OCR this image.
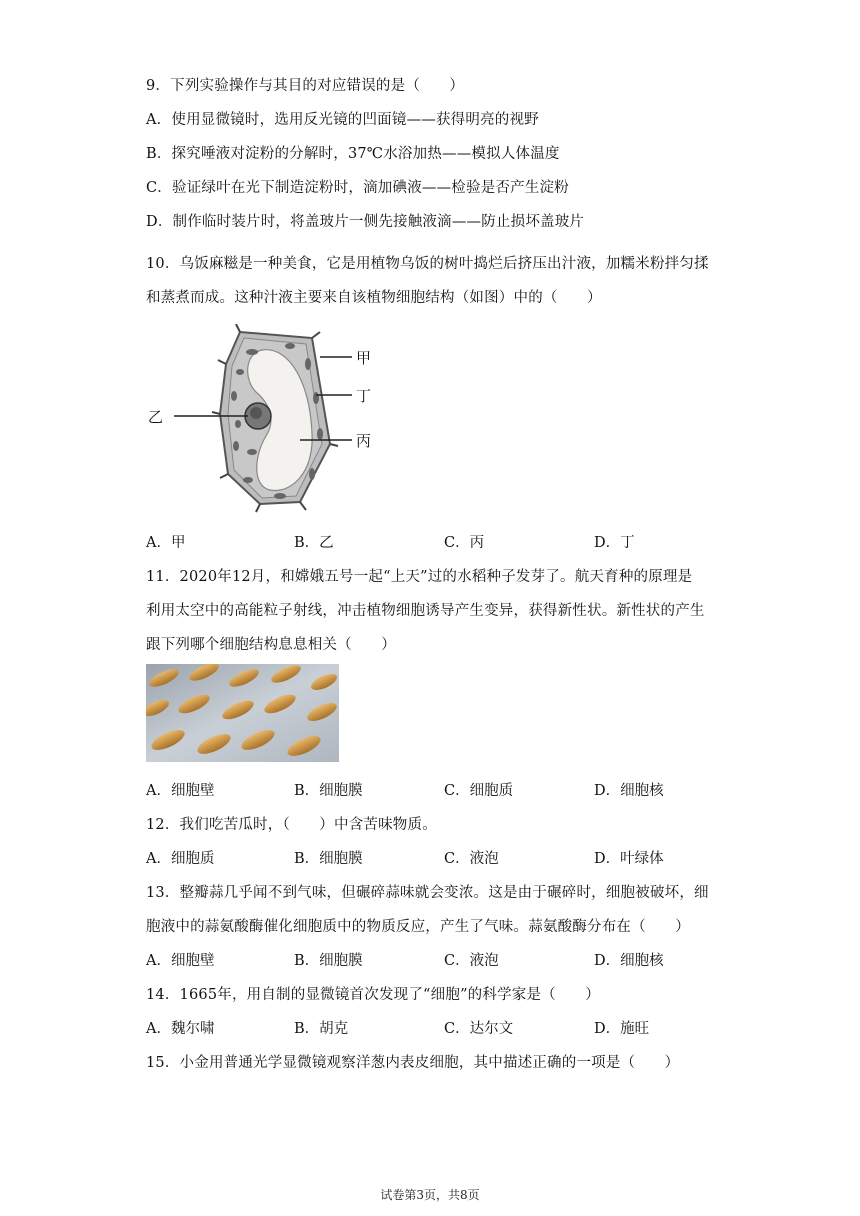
9．下列实验操作与其目的对应错误的是（　　）
A．使用显微镜时，选用反光镜的凹面镜——获得明亮的视野
B．探究唾液对淀粉的分解时，37℃水浴加热——模拟人体温度
C．验证绿叶在光下制造淀粉时，滴加碘液——检验是否产生淀粉
D．制作临时装片时，将盖玻片一侧先接触液滴——防止损坏盖玻片
10．乌饭麻糍是一种美食，它是用植物乌饭的树叶捣烂后挤压出汁液，加糯米粉拌匀揉
和蒸煮而成。这种汁液主要来自该植物细胞结构（如图）中的（　　）
甲
丁
乙
丙
A．甲	B．乙	C．丙	D．丁
11．2020年12月，和嫦娥五号一起“上天”过的水稻种子发芽了。航天育种的原理是
利用太空中的高能粒子射线，冲击植物细胞诱导产生变异，获得新性状。新性状的产生
跟下列哪个细胞结构息息相关（　　）
A．细胞壁	B．细胞膜	C．细胞质	D．细胞核
12．我们吃苦瓜时，（　　）中含苦味物质。
A．细胞质	B．细胞膜	C．液泡	D．叶绿体
13．整瓣蒜几乎闻不到气味，但碾碎蒜味就会变浓。这是由于碾碎时，细胞被破坏，细
胞液中的蒜氨酸酶催化细胞质中的物质反应，产生了气味。蒜氨酸酶分布在（　　）
A．细胞壁	B．细胞膜	C．液泡	D．细胞核
14．1665年，用自制的显微镜首次发现了“细胞”的科学家是（　　）
A．魏尔啸	B．胡克	C．达尔文	D．施旺
15．小金用普通光学显微镜观察洋葱内表皮细胞，其中描述正确的一项是（　　）
试卷第3页，共8页
